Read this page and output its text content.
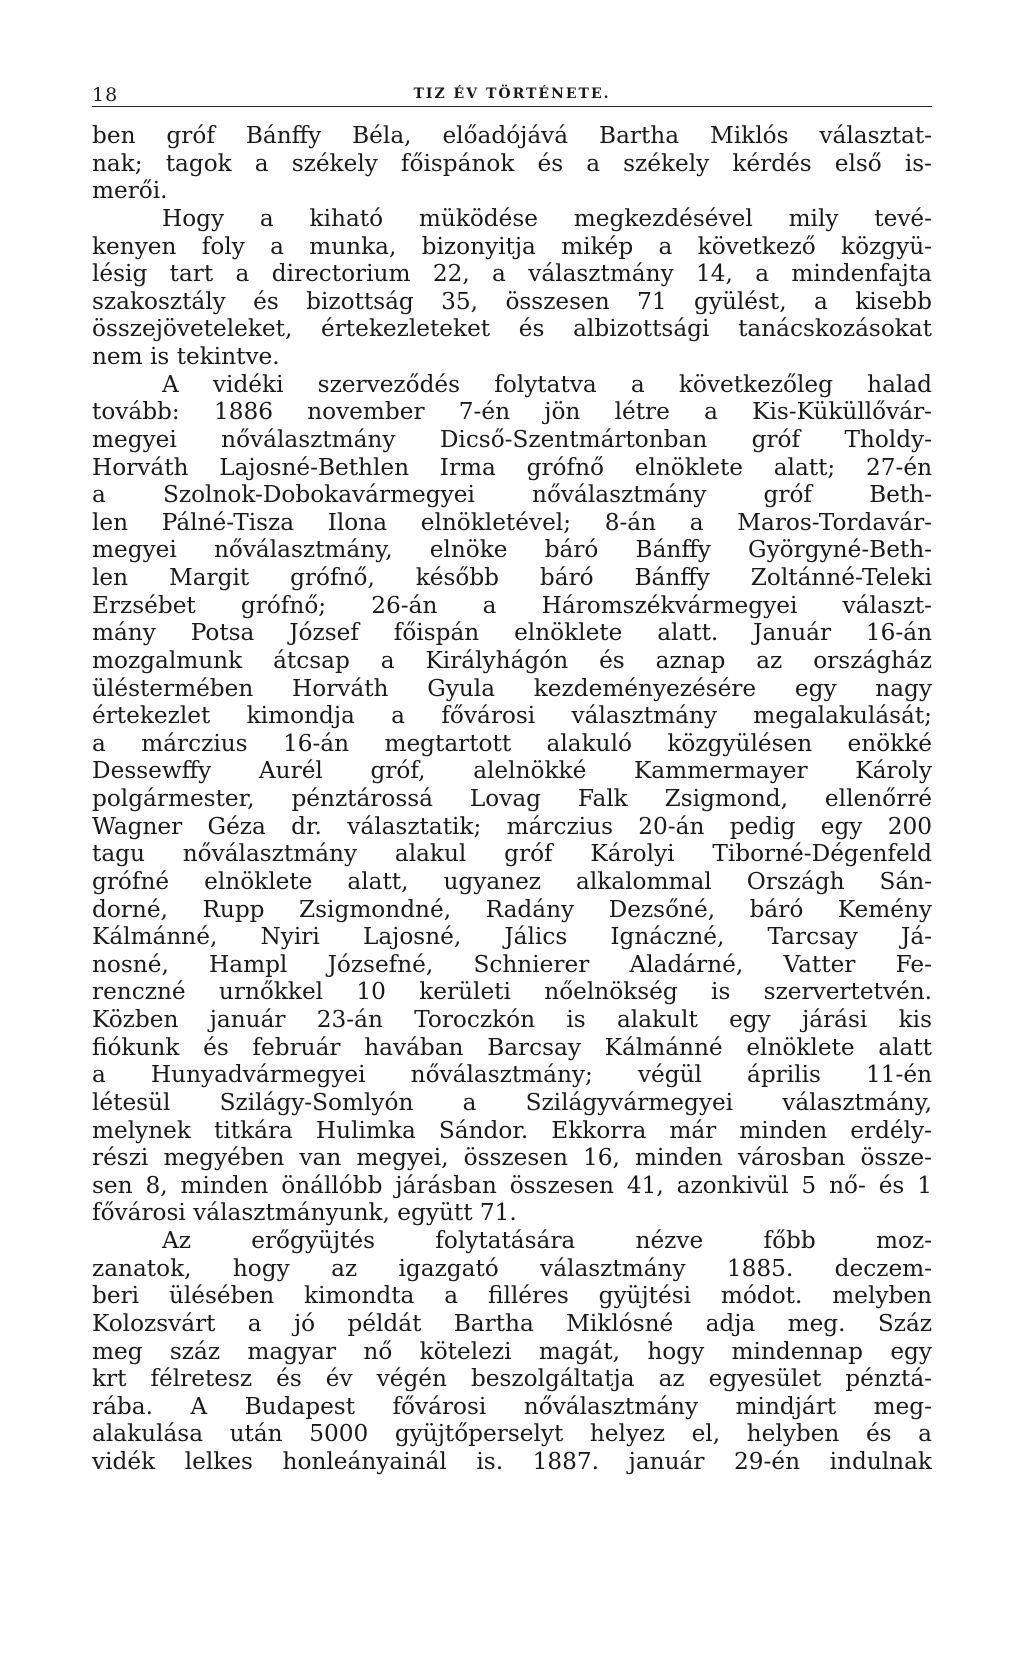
18	TIZ ÉV TÖRTÉNETE.
ben gróf Bánffy Béla, előadójává Bartha Miklós választat-
nak; tagok a székely főispánok és a székely kérdés első is-
merői.
Hogy a kiható müködése megkezdésével mily tevé-
kenyen foly a munka, bizonyitja mikép a következő közgyü-
lésig tart a directorium 22, a választmány 14, a mindenfajta
szakosztály és bizottság 35, összesen 71 gyülést, a kisebb
összejöveteleket, értekezleteket és albizottsági tanácskozásokat
nem is tekintve.
A vidéki szerveződés folytatva a következőleg halad
tovább: 1886 november 7-én jön létre a Kis-Küküllővár-
megyei nőválasztmány Dicső-Szentmártonban gróf Tholdy-
Horváth Lajosné-Bethlen Irma grófnő elnöklete alatt; 27-én
a Szolnok-Dobokavármegyei nőválasztmány gróf Beth-
len Pálné-Tisza Ilona elnökletével; 8-án a Maros-Tordavár-
megyei nőválasztmány, elnöke báró Bánffy Györgyné-Beth-
len Margit grófnő, később báró Bánffy Zoltánné-Teleki
Erzsébet grófnő; 26-án a Háromszékvármegyei választ-
mány Potsa József főispán elnöklete alatt. Január 16-án
mozgalmunk átcsap a Királyhágón és aznap az országház
üléstermében Horváth Gyula kezdeményezésére egy nagy
értekezlet kimondja a fővárosi választmány megalakulását;
a márczius 16-án megtartott alakuló közgyülésen enökké
Dessewffy Aurél gróf, alelnökké Kammermayer Károly
polgármester, pénztárossá Lovag Falk Zsigmond, ellenőrré
Wagner Géza dr. választatik; márczius 20-án pedig egy 200
tagu nőválasztmány alakul gróf Károlyi Tiborné-Dégenfeld
grófné elnöklete alatt, ugyanez alkalommal Országh Sán-
dorné, Rupp Zsigmondné, Radány Dezsőné, báró Kemény
Kálmánné, Nyiri Lajosné, Jálics Ignáczné, Tarcsay Já-
nosné, Hampl Józsefné, Schnierer Aladárné, Vatter Fe-
renczné urnőkkel 10 kerületi nőelnökség is szervertetvén.
Közben január 23-án Toroczkón is alakult egy járási kis
fiókunk és február havában Barcsay Kálmánné elnöklete alatt
a Hunyadvármegyei nőválasztmány; végül április 11-én
létesül Szilágy-Somlyón a Szilágyvármegyei választmány,
melynek titkára Hulimka Sándor. Ekkorra már minden erdély-
részi megyében van megyei, összesen 16, minden városban össze-
sen 8, minden önállóbb járásban összesen 41, azonkivül 5 nő- és 1
fővárosi választmányunk, együtt 71.
Az erőgyüjtés folytatására nézve főbb moz-
zanatok, hogy az igazgató választmány 1885. deczem-
beri ülésében kimondta a filléres gyüjtési módot. melyben
Kolozsvárt a jó példát Bartha Miklósné adja meg. Száz
meg száz magyar nő kötelezi magát, hogy mindennap egy
krt félretesz és év végén beszolgáltatja az egyesület pénztá-
rába. A Budapest fővárosi nőválasztmány mindjárt meg-
alakulása után 5000 gyüjtőperselyt helyez el, helyben és a
vidék lelkes honleányainál is. 1887. január 29-én indulnak
